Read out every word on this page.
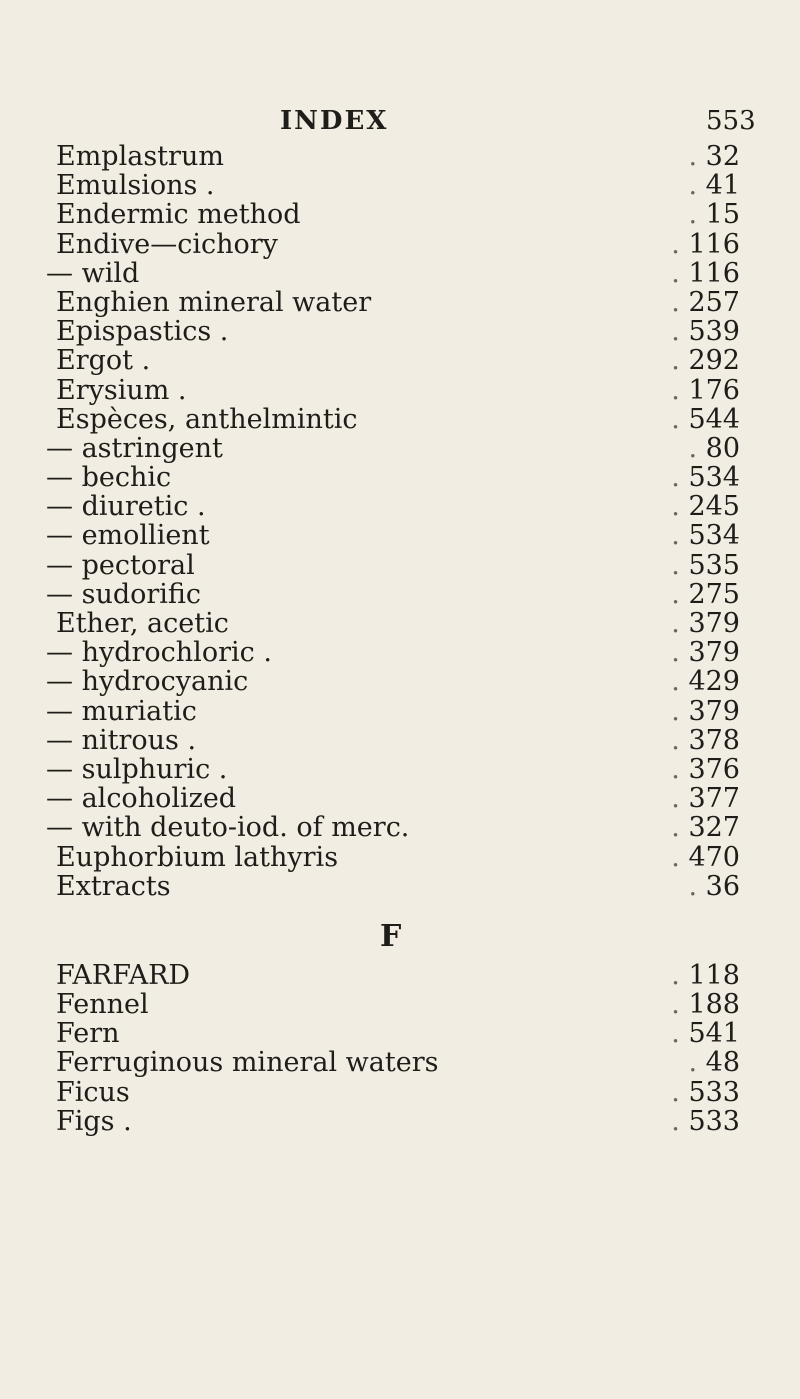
INDEX	553
Emplastrum	. 32
Emulsions .	. 41
Endermic method	. 15
Endive—cichory	. 116
— wild	. 116
Enghien mineral water	. 257
Epispastics .	. 539
Ergot .	. 292
Erysium .	. 176
Espèces, anthelmintic	. 544
— astringent	. 80
— bechic	. 534
— diuretic .	. 245
— emollient	. 534
— pectoral	. 535
— sudorific	. 275
Ether, acetic	. 379
— hydrochloric .	. 379
— hydrocyanic	. 429
— muriatic	. 379
— nitrous .	. 378
— sulphuric .	. 376
— alcoholized	. 377
— with deuto-iod. of merc.	. 327
Euphorbium lathyris	. 470
Extracts	. 36
F
FARFARD	. 118
Fennel	. 188
Fern	. 541
Ferruginous mineral waters	. 48
Ficus	. 533
Figs .	. 533
